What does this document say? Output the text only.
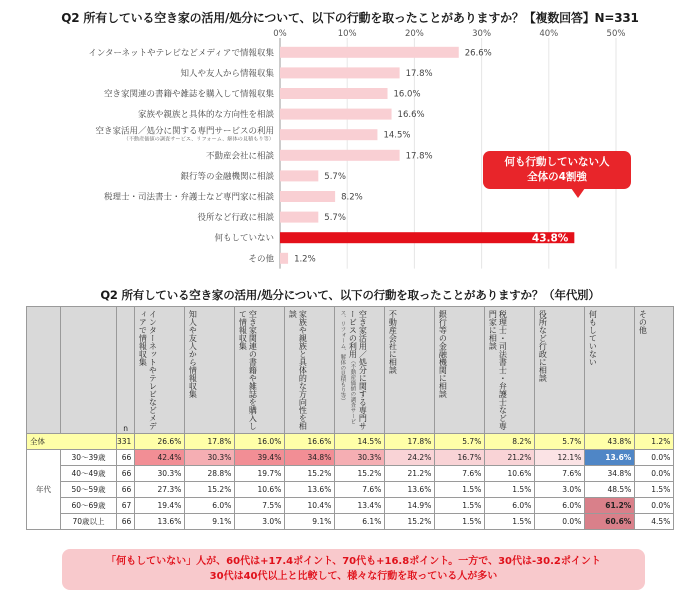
Q2 所有している空き家の活用/処分について、以下の行動を取ったことがありますか？【複数回答】N=331
0%	10%	20%	30%	40%	50%
インターネットやテレビなどメディアで情報収集	26.6%
知人や友人から情報収集	17.8%
空き家関連の書籍や雑誌を購入して情報収集	16.0%
家族や親族と具体的な方向性を相談	16.6%
空き家活用／処分に関する専門サービスの利用
（不動産価値の調査サービス、リフォーム、解体の見積もり等）	14.5%
不動産会社に相談	17.8%
銀行等の金融機関に相談	5.7%
税理士・司法書士・弁護士など専門家に相談	8.2%
役所など行政に相談	5.7%
何もしていない	43.8%
その他 1.2%
何も行動していない人
全体の4割強
Q2 所有している空き家の活用/処分について、以下の行動を取ったことがありますか？（年代別）
		n	インターネットやテレビなどメディアで情報収集	知人や友人から情報収集	空き家関連の書籍や雑誌を購入して情報収集	家族や親族と具体的な方向性を相談	空き家活用／処分に関する専門サービスの利用（不動産価値の調査サービス、リフォーム、解体の見積もり等）	不動産会社に相談	銀行等の金融機関に相談	税理士・司法書士・弁護士など専門家に相談	役所など行政に相談	何もしていない	その他

全体		331	26.6%	17.8%	16.0%	16.6%	14.5%	17.8%	5.7%	8.2%	5.7%	43.8%	1.2%
年代	30～39歳	66	42.4%	30.3%	39.4%	34.8%	30.3%	24.2%	16.7%	21.2%	12.1%	13.6%	0.0%
	40～49歳	66	30.3%	28.8%	19.7%	15.2%	15.2%	21.2%	7.6%	10.6%	7.6%	34.8%	0.0%
	50～59歳	66	27.3%	15.2%	10.6%	13.6%	7.6%	13.6%	1.5%	1.5%	3.0%	48.5%	1.5%
	60～69歳	67	19.4%	6.0%	7.5%	10.4%	13.4%	14.9%	1.5%	6.0%	6.0%	61.2%	0.0%
	70歳以上	66	13.6%	9.1%	3.0%	9.1%	6.1%	15.2%	1.5%	1.5%	0.0%	60.6%	4.5%
「何もしていない」人が、60代は+17.4ポイント、70代も+16.8ポイント。一方で、30代は-30.2ポイント
30代は40代以上と比較して、様々な行動を取っている人が多い
